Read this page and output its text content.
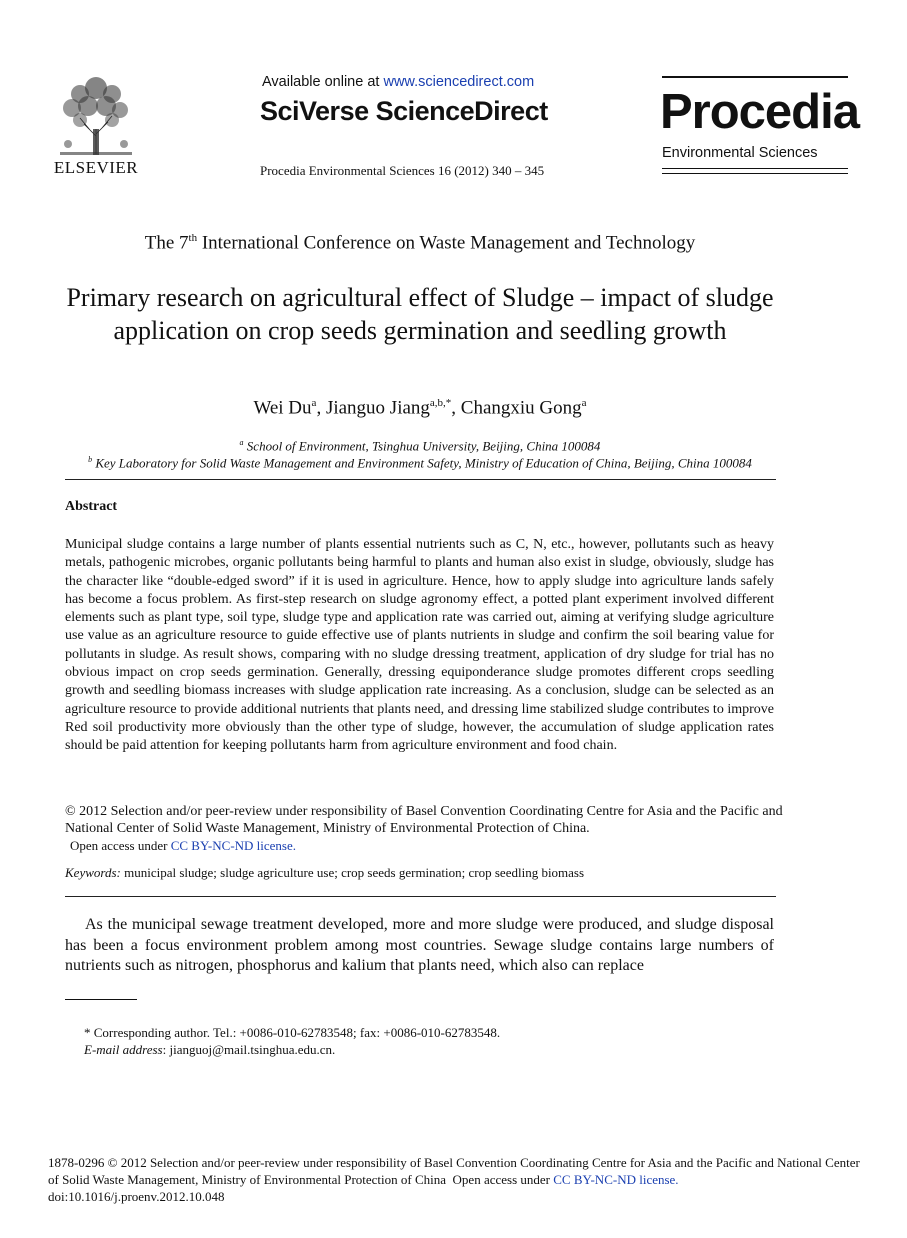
ELSEVIER
Available online at www.sciencedirect.com
SciVerse ScienceDirect
Procedia Environmental Sciences 16 (2012) 340 – 345
Procedia
Environmental Sciences
The 7th International Conference on Waste Management and Technology
Primary research on agricultural effect of Sludge – impact of sludge application on crop seeds germination and seedling growth
Wei Du$^a$, Jianguo Jiang$^{a,b,*}$, Changxiu Gong$^a$
$^a$ School of Environment, Tsinghua University, Beijing, China 100084
$^b$ Key Laboratory for Solid Waste Management and Environment Safety, Ministry of Education of China, Beijing, China 100084
Abstract
Municipal sludge contains a large number of plants essential nutrients such as C, N, etc., however, pollutants such as heavy metals, pathogenic microbes, organic pollutants being harmful to plants and human also exist in sludge, obviously, sludge has the character like “double-edged sword” if it is used in agriculture. Hence, how to apply sludge into agriculture lands safely has become a focus problem. As first-step research on sludge agronomy effect, a potted plant experiment involved different elements such as plant type, soil type, sludge type and application rate was carried out, aiming at verifying sludge agriculture use value as an agriculture resource to guide effective use of plants nutrients in sludge and confirm the soil bearing value for pollutants in sludge. As result shows, comparing with no sludge dressing treatment, application of dry sludge for trial has no obvious impact on crop seeds germination. Generally, dressing equiponderance sludge promotes different crops seedling growth and seedling biomass increases with sludge application rate increasing. As a conclusion, sludge can be selected as an agriculture resource to provide additional nutrients that plants need, and dressing lime stabilized sludge contributes to improve Red soil productivity more obviously than the other type of sludge, however, the accumulation of sludge application rates should be paid attention for keeping pollutants harm from agriculture environment and food chain.
© 2012 Selection and/or peer-review under responsibility of Basel Convention Coordinating Centre for Asia and the Pacific and National Center of Solid Waste Management, Ministry of Environmental Protection of China.
Open access under CC BY-NC-ND license.
Keywords: municipal sludge; sludge agriculture use; crop seeds germination; crop seedling biomass
As the municipal sewage treatment developed, more and more sludge were produced, and sludge disposal has been a focus environment problem among most countries. Sewage sludge contains large numbers of nutrients such as nitrogen, phosphorus and kalium that plants need, which also can replace
* Corresponding author. Tel.: +0086-010-62783548; fax: +0086-010-62783548.
E-mail address: jianguoj@mail.tsinghua.edu.cn.
1878-0296 © 2012 Selection and/or peer-review under responsibility of Basel Convention Coordinating Centre for Asia and the Pacific and National Center of Solid Waste Management, Ministry of Environmental Protection of China Open access under CC BY-NC-ND license.
doi:10.1016/j.proenv.2012.10.048
